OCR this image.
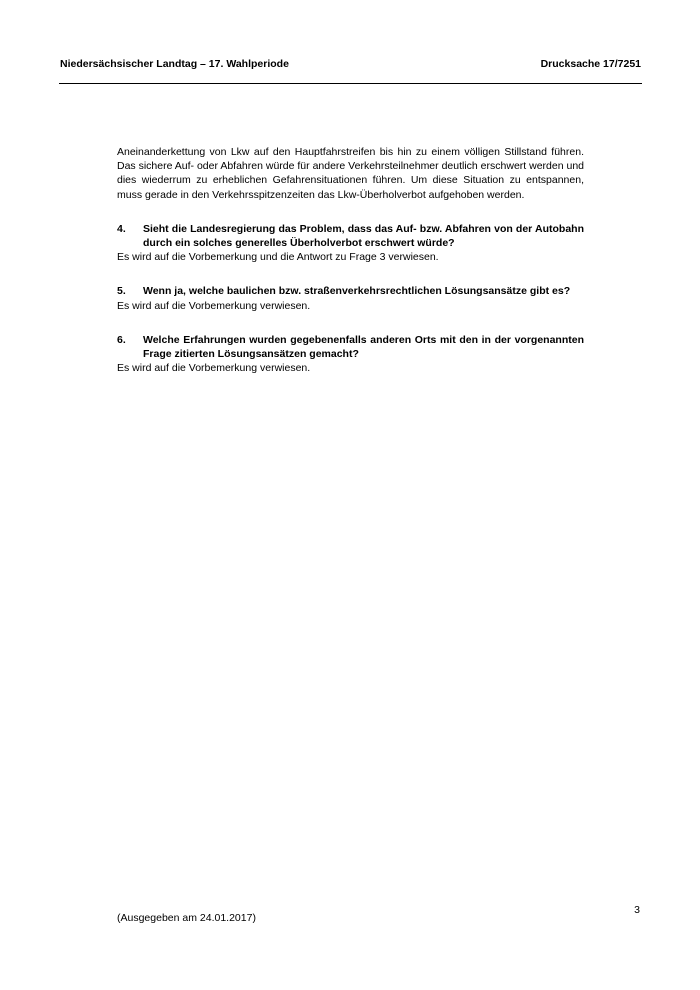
Niedersächsischer Landtag – 17. Wahlperiode	Drucksache 17/7251

Aneinanderkettung von Lkw auf den Hauptfahrstreifen bis hin zu einem völligen Stillstand führen. Das sichere Auf- oder Abfahren würde für andere Verkehrsteilnehmer deutlich erschwert werden und dies wiederrum zu erheblichen Gefahrensituationen führen. Um diese Situation zu entspannen, muss gerade in den Verkehrsspitzenzeiten das Lkw-Überholverbot aufgehoben werden.

4.	Sieht die Landesregierung das Problem, dass das Auf- bzw. Abfahren von der Autobahn durch ein solches generelles Überholverbot erschwert würde?

Es wird auf die Vorbemerkung und die Antwort zu Frage 3 verwiesen.

5.	Wenn ja, welche baulichen bzw. straßenverkehrsrechtlichen Lösungsansätze gibt es?

Es wird auf die Vorbemerkung verwiesen.

6.	Welche Erfahrungen wurden gegebenenfalls anderen Orts mit den in der vorgenannten Frage zitierten Lösungsansätzen gemacht?

Es wird auf die Vorbemerkung verwiesen.

3
(Ausgegeben am 24.01.2017)
